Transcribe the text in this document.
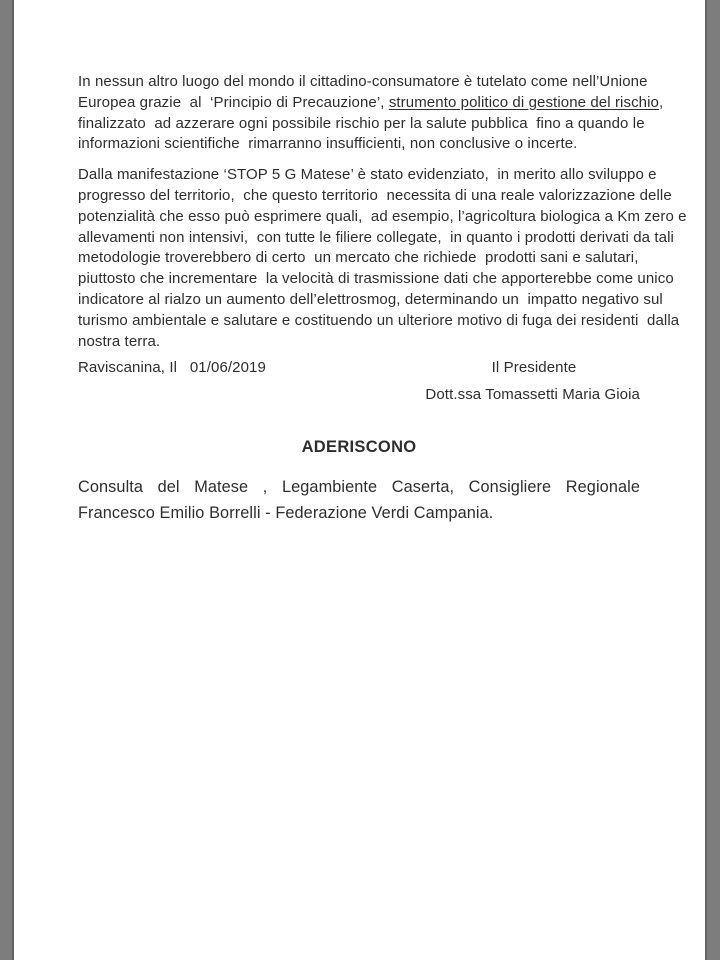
In nessun altro luogo del mondo il cittadino-consumatore è tutelato come nell’Unione
Europea grazie  al  ‘Principio di Precauzione’, strumento politico di gestione del rischio,
finalizzato  ad azzerare ogni possibile rischio per la salute pubblica  fino a quando le
informazioni scientifiche  rimarranno insufficienti, non conclusive o incerte.

Dalla manifestazione ‘STOP 5 G Matese’ è stato evidenziato,  in merito allo sviluppo e
progresso del territorio,  che questo territorio  necessita di una reale valorizzazione delle
potenzialità che esso può esprimere quali,  ad esempio, l’agricoltura biologica a Km zero e
allevamenti non intensivi,  con tutte le filiere collegate,  in quanto i prodotti derivati da tali
metodologie troverebbero di certo  un mercato che richiede  prodotti sani e salutari,
piuttosto che incrementare  la velocità di trasmissione dati che apporterebbe come unico
indicatore al rialzo un aumento dell’elettrosmog, determinando un  impatto negativo sul
turismo ambientale e salutare e costituendo un ulteriore motivo di fuga dei residenti  dalla
nostra terra.

Raviscanina, Il   01/06/2019	Il Presidente
Dott.ssa Tomassetti Maria Gioia
ADERISCONO

Consulta del Matese , Legambiente Caserta, Consigliere Regionale
Francesco Emilio Borrelli - Federazione Verdi Campania.
